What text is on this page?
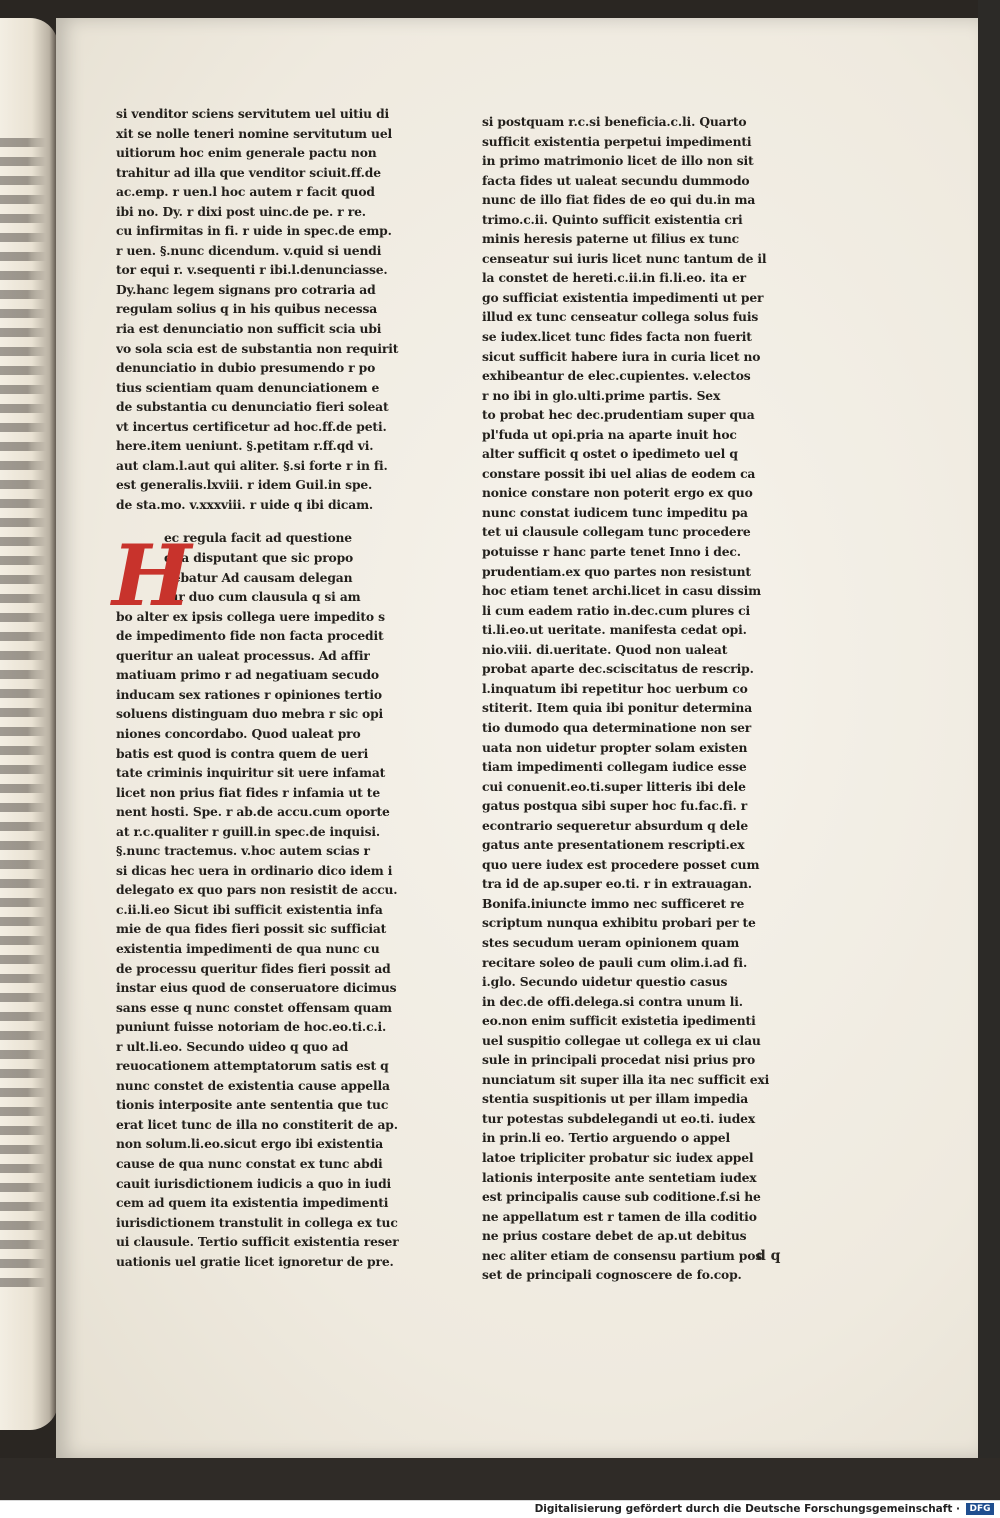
si venditor sciens servitutem uel uitiu di
xit se nolle teneri nomine servitutum uel
uitiorum hoc enim generale pactu non
trahitur ad illa que venditor sciuit.ff.de
ac.emp. r uen.l hoc autem r facit quod
ibi no. Dy. r dixi post uinc.de pe. r re.
cu infirmitas in fi. r uide in spec.de emp.
r uen. §.nunc dicendum. v.quid si uendi
tor equi r. v.sequenti r ibi.l.denunciasse.
Dy.hanc legem signans pro cotraria ad
regulam solius q in his quibus necessa
ria est denunciatio non sufficit scia ubi
vo sola scia est de substantia non requirit
denunciatio in dubio presumendo r po
tius scientiam quam denunciationem e
de substantia cu denunciatio fieri soleat
vt incertus certificetur ad hoc.ff.de peti.
here.item ueniunt. §.petitam r.ff.qd vi.
aut clam.l.aut qui aliter. §.si forte r in fi.
est generalis.lxviii. r idem Guil.in spe.
de sta.mo. v.xxxviii. r uide q ibi dicam.
H
ec regula facit ad questione
qua disputant que sic propo
nebatur Ad causam delegan
tur duo cum clausula q si am
bo alter ex ipsis collega uere impedito s
de impedimento fide non facta procedit
queritur an ualeat processus. Ad affir
matiuam primo r ad negatiuam secudo
inducam sex rationes r opiniones tertio
soluens distinguam duo mebra r sic opi
niones concordabo. Quod ualeat pro
batis est quod is contra quem de ueri
tate criminis inquiritur sit uere infamat
licet non prius fiat fides r infamia ut te
nent hosti. Spe. r ab.de accu.cum oporte
at r.c.qualiter r guill.in spec.de inquisi.
§.nunc tractemus. v.hoc autem scias r
si dicas hec uera in ordinario dico idem i
delegato ex quo pars non resistit de accu.
c.ii.li.eo Sicut ibi sufficit existentia infa
mie de qua fides fieri possit sic sufficiat
existentia impedimenti de qua nunc cu
de processu queritur fides fieri possit ad
instar eius quod de conseruatore dicimus
sans esse q nunc constet offensam quam
puniunt fuisse notoriam de hoc.eo.ti.c.i.
r ult.li.eo. Secundo uideo q quo ad
reuocationem attemptatorum satis est q
nunc constet de existentia cause appella
tionis interposite ante sententia que tuc
erat licet tunc de illa no constiterit de ap.
non solum.li.eo.sicut ergo ibi existentia
cause de qua nunc constat ex tunc abdi
cauit iurisdictionem iudicis a quo in iudi
cem ad quem ita existentia impedimenti
iurisdictionem transtulit in collega ex tuc
ui clausule. Tertio sufficit existentia reser
uationis uel gratie licet ignoretur de pre.
si postquam r.c.si beneficia.c.li. Quarto
sufficit existentia perpetui impedimenti
in primo matrimonio licet de illo non sit
facta fides ut ualeat secundu dummodo
nunc de illo fiat fides de eo qui du.in ma
trimo.c.ii. Quinto sufficit existentia cri
minis heresis paterne ut filius ex tunc
censeatur sui iuris licet nunc tantum de il
la constet de hereti.c.ii.in fi.li.eo. ita er
go sufficiat existentia impedimenti ut per
illud ex tunc censeatur collega solus fuis
se iudex.licet tunc fides facta non fuerit
sicut sufficit habere iura in curia licet no
exhibeantur de elec.cupientes. v.electos
r no ibi in glo.ulti.prime partis. Sex
to probat hec dec.prudentiam super qua
pl'fuda ut opi.pria na aparte inuit hoc
alter sufficit q ostet o ipedimeto uel q
constare possit ibi uel alias de eodem ca
nonice constare non poterit ergo ex quo
nunc constat iudicem tunc impeditu pa
tet ui clausule collegam tunc procedere
potuisse r hanc parte tenet Inno i dec.
prudentiam.ex quo partes non resistunt
hoc etiam tenet archi.licet in casu dissim
li cum eadem ratio in.dec.cum plures ci
ti.li.eo.ut ueritate. manifesta cedat opi.
nio.viii. di.ueritate. Quod non ualeat
probat aparte dec.sciscitatus de rescrip.
l.inquatum ibi repetitur hoc uerbum co
stiterit. Item quia ibi ponitur determina
tio dumodo qua determinatione non ser
uata non uidetur propter solam existen
tiam impedimenti collegam iudice esse
cui conuenit.eo.ti.super litteris ibi dele
gatus postqua sibi super hoc fu.fac.fi. r
econtrario sequeretur absurdum q dele
gatus ante presentationem rescripti.ex
quo uere iudex est procedere posset cum
tra id de ap.super eo.ti. r in extrauagan.
Bonifa.iniuncte immo nec sufficeret re
scriptum nunqua exhibitu probari per te
stes secudum ueram opinionem quam
recitare soleo de pauli cum olim.i.ad fi.
i.glo. Secundo uidetur questio casus
in dec.de offi.delega.si contra unum li.
eo.non enim sufficit existetia ipedimenti
uel suspitio collegae ut collega ex ui clau
sule in principali procedat nisi prius pro
nunciatum sit super illa ita nec sufficit exi
stentia suspitionis ut per illam impedia
tur potestas subdelegandi ut eo.ti. iudex
in prin.li eo. Tertio arguendo o appel
latoe tripliciter probatur sic iudex appel
lationis interposite ante sentetiam iudex
est principalis cause sub coditione.f.si he
ne appellatum est r tamen de illa coditio
ne prius costare debet de ap.ut debitus
nec aliter etiam de consensu partium pos
set de principali cognoscere de fo.cop.
d q
Digitalisierung gefördert durch die Deutsche Forschungsgemeinschaft ·	DFG
